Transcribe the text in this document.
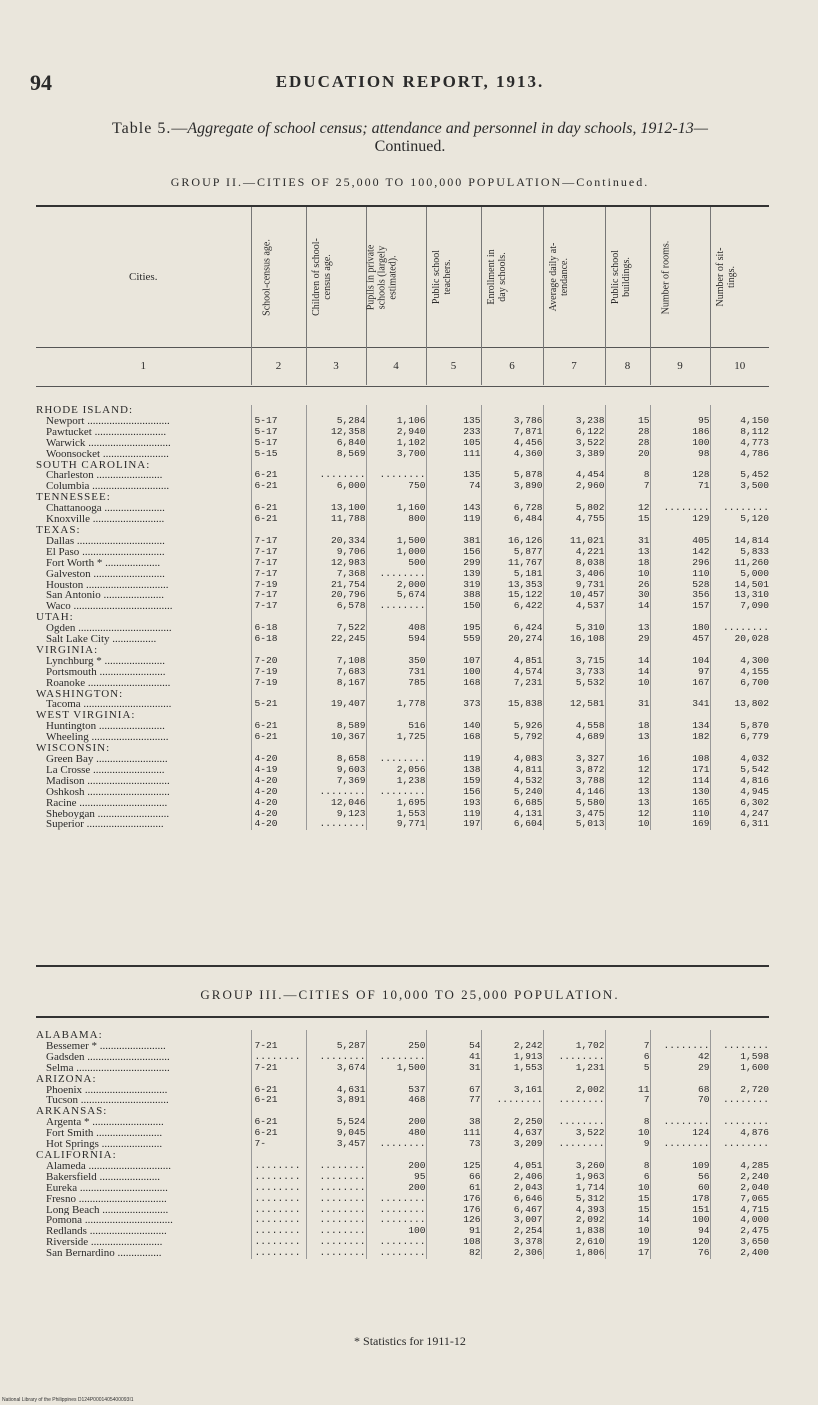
94	EDUCATION REPORT, 1913.
Table 5.—Aggregate of school census; attendance and personnel in day schools, 1912-13—
Continued.
GROUP II.—CITIES OF 25,000 TO 100,000 POPULATION—Continued.
Cities.	School-census age.	Children of school-
census age.	Pupils in private
schools (largely
estimated).	Public school
teachers.	Enrollment in
day schools.	Average daily at-
tendance.	Public school
buildings.	Number of rooms.	Number of sit-
tings.
1	2	3	4	5	6	7	8	9	10
RHODE ISLAND:									
Newport ..............................	5-17	5,284	1,106	135	3,786	3,238	15	95	4,150
Pawtucket ..........................	5-17	12,358	2,940	233	7,871	6,122	28	186	8,112
Warwick ..............................	5-17	6,840	1,102	105	4,456	3,522	28	100	4,773
Woonsocket ........................	5-15	8,569	3,700	111	4,360	3,389	20	98	4,786
SOUTH CAROLINA:									
Charleston ........................	6-21	........	........	135	5,878	4,454	8	128	5,452
Columbia ............................	6-21	6,000	750	74	3,890	2,960	7	71	3,500
TENNESSEE:									
Chattanooga ......................	6-21	13,100	1,160	143	6,728	5,802	12	........	........
Knoxville ..........................	6-21	11,788	800	119	6,484	4,755	15	129	5,120
TEXAS:									
Dallas ................................	7-17	20,334	1,500	381	16,126	11,021	31	405	14,814
El Paso ..............................	7-17	9,706	1,000	156	5,877	4,221	13	142	5,833
Fort Worth * ....................	7-17	12,983	500	299	11,767	8,038	18	296	11,260
Galveston ..........................	7-17	7,368	........	139	5,181	3,406	10	110	5,000
Houston ..............................	7-19	21,754	2,000	319	13,353	9,731	26	528	14,501
San Antonio ......................	7-17	20,796	5,674	388	15,122	10,457	30	356	13,310
Waco ....................................	7-17	6,578	........	150	6,422	4,537	14	157	7,090
UTAH:									
Ogden ..................................	6-18	7,522	408	195	6,424	5,310	13	180	........
Salt Lake City ................	6-18	22,245	594	559	20,274	16,108	29	457	20,028
VIRGINIA:									
Lynchburg * ......................	7-20	7,108	350	107	4,851	3,715	14	104	4,300
Portsmouth ........................	7-19	7,683	731	100	4,574	3,733	14	97	4,155
Roanoke ..............................	7-19	8,167	785	168	7,231	5,532	10	167	6,700
WASHINGTON:									
Tacoma ................................	5-21	19,407	1,778	373	15,838	12,581	31	341	13,802
WEST VIRGINIA:									
Huntington ........................	6-21	8,589	516	140	5,926	4,558	18	134	5,870
Wheeling ............................	6-21	10,367	1,725	168	5,792	4,689	13	182	6,779
WISCONSIN:									
Green Bay ..........................	4-20	8,658	........	119	4,083	3,327	16	108	4,032
La Crosse ..........................	4-19	9,603	2,056	138	4,811	3,872	12	171	5,542
Madison ..............................	4-20	7,369	1,238	159	4,532	3,788	12	114	4,816
Oshkosh ..............................	4-20	........	........	156	5,240	4,146	13	130	4,945
Racine ................................	4-20	12,046	1,695	193	6,685	5,580	13	165	6,302
Sheboygan ..........................	4-20	9,123	1,553	119	4,131	3,475	12	110	4,247
Superior ............................	4-20	........	9,771	197	6,604	5,013	10	169	6,311
GROUP III.—CITIES OF 10,000 TO 25,000 POPULATION.
ALABAMA:									
Bessemer * ........................	7-21	5,287	250	54	2,242	1,702	7	........	........
Gadsden ..............................	........	........	........	41	1,913	........	6	42	1,598
Selma ..................................	7-21	3,674	1,500	31	1,553	1,231	5	29	1,600
ARIZONA:									
Phoenix ..............................	6-21	4,631	537	67	3,161	2,002	11	68	2,720
Tucson ................................	6-21	3,891	468	77	........	........	7	70	........
ARKANSAS:									
Argenta * ..........................	6-21	5,524	200	38	2,250	........	8	........	........
Fort Smith ........................	6-21	9,045	480	111	4,637	3,522	10	124	4,876
Hot Springs ......................	7-	3,457	........	73	3,209	........	9	........	........
CALIFORNIA:									
Alameda ..............................	........	........	200	125	4,051	3,260	8	109	4,285
Bakersfield ......................	........	........	95	66	2,406	1,963	6	56	2,240
Eureka ................................	........	........	200	61	2,043	1,714	10	60	2,040
Fresno ................................	........	........	........	176	6,646	5,312	15	178	7,065
Long Beach ........................	........	........	........	176	6,467	4,393	15	151	4,715
Pomona ................................	........	........	........	126	3,007	2,092	14	100	4,000
Redlands ............................	........	........	100	91	2,254	1,838	10	94	2,475
Riverside ..........................	........	........	........	108	3,378	2,610	19	120	3,650
San Bernardino ................	........	........	........	82	2,306	1,806	17	76	2,400
* Statistics for 1911-12
National Library of the Philippines D124P0001405400093I1
